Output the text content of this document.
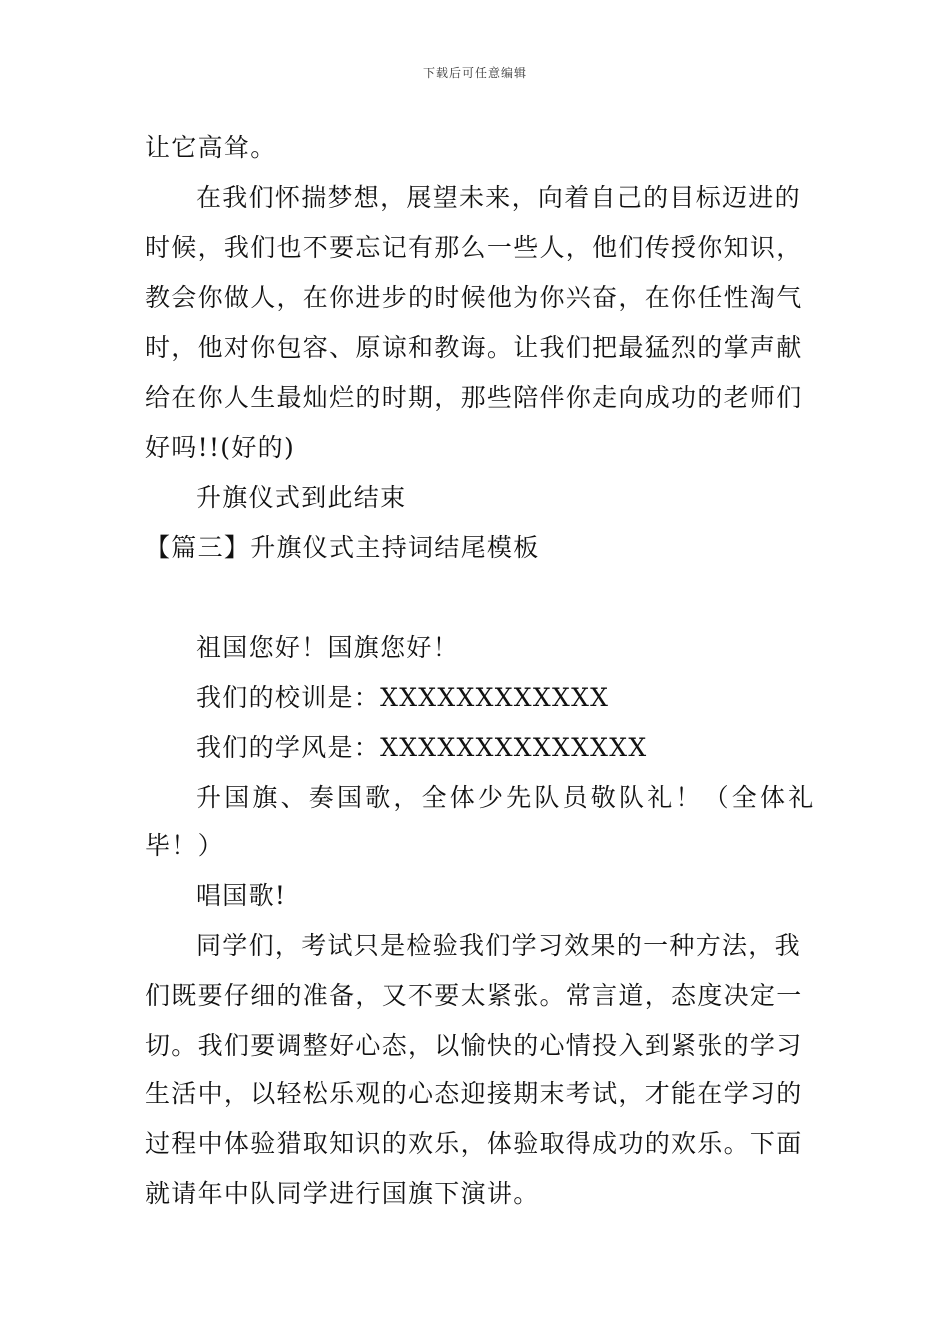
下载后可任意编辑
让它高耸。
在我们怀揣梦想，展望未来，向着自己的目标迈进的
时候，我们也不要忘记有那么一些人，他们传授你知识，
教会你做人，在你进步的时候他为你兴奋，在你任性淘气
时，他对你包容、原谅和教诲。让我们把最猛烈的掌声献
给在你人生最灿烂的时期，那些陪伴你走向成功的老师们
好吗!!(好的)
升旗仪式到此结束
【篇三】升旗仪式主持词结尾模板
祖国您好！国旗您好！
我们的校训是：XXXXXXXXXXXX
我们的学风是：XXXXXXXXXXXXXX
升国旗、奏国歌，全体少先队员敬队礼！（全体礼
毕！）
唱国歌!
同学们，考试只是检验我们学习效果的一种方法，我
们既要仔细的准备，又不要太紧张。常言道，态度决定一
切。我们要调整好心态，以愉快的心情投入到紧张的学习
生活中，以轻松乐观的心态迎接期末考试，才能在学习的
过程中体验猎取知识的欢乐，体验取得成功的欢乐。下面
就请年中队同学进行国旗下演讲。
